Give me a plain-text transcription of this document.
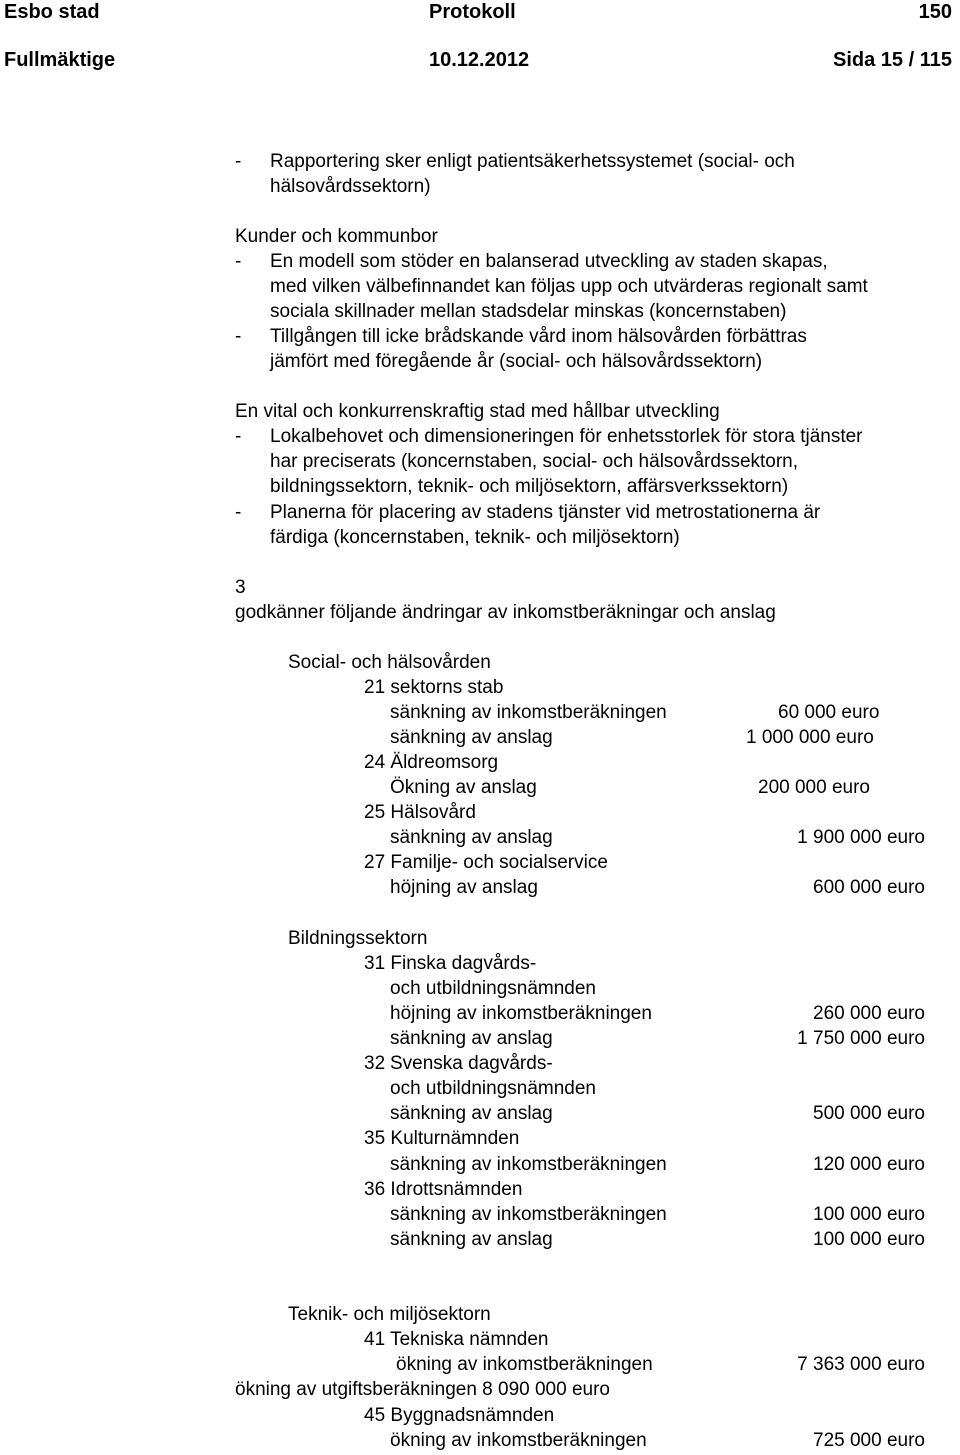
Esbo stad	Protokoll	150
Fullmäktige	10.12.2012	Sida 15 / 115
- Rapportering sker enligt patientsäkerhetssystemet (social- och
hälsovårdssektorn)
Kunder och kommunbor
- En modell som stöder en balanserad utveckling av staden skapas,
med vilken välbefinnandet kan följas upp och utvärderas regionalt samt
sociala skillnader mellan stadsdelar minskas (koncernstaben)
- Tillgången till icke brådskande vård inom hälsovården förbättras
jämfört med föregående år (social- och hälsovårdssektorn)
En vital och konkurrenskraftig stad med hållbar utveckling
- Lokalbehovet och dimensioneringen för enhetsstorlek för stora tjänster
har preciserats (koncernstaben, social- och hälsovårdssektorn,
bildningssektorn, teknik- och miljösektorn, affärsverkssektorn)
- Planerna för placering av stadens tjänster vid metrostationerna är
färdiga (koncernstaben, teknik- och miljösektorn)
3
godkänner följande ändringar av inkomstberäkningar och anslag
Social- och hälsovården
21 sektorns stab
sänkning av inkomstberäkningen	60 000 euro
sänkning av anslag	1 000 000 euro
24 Äldreomsorg
Ökning av anslag	200 000 euro
25 Hälsovård
sänkning av anslag	1 900 000 euro
27 Familje- och socialservice
höjning av anslag	600 000 euro
Bildningssektorn
31 Finska dagvårds-
och utbildningsnämnden
höjning av inkomstberäkningen	260 000 euro
sänkning av anslag	1 750 000 euro
32 Svenska dagvårds-
och utbildningsnämnden
sänkning av anslag	500 000 euro
35 Kulturnämnden
sänkning av inkomstberäkningen	120 000 euro
36 Idrottsnämnden
sänkning av inkomstberäkningen	100 000 euro
sänkning av anslag	100 000 euro
Teknik- och miljösektorn
41 Tekniska nämnden
ökning av inkomstberäkningen	7 363 000 euro
ökning av utgiftsberäkningen 8 090 000 euro
45 Byggnadsnämnden
ökning av inkomstberäkningen	725 000 euro
